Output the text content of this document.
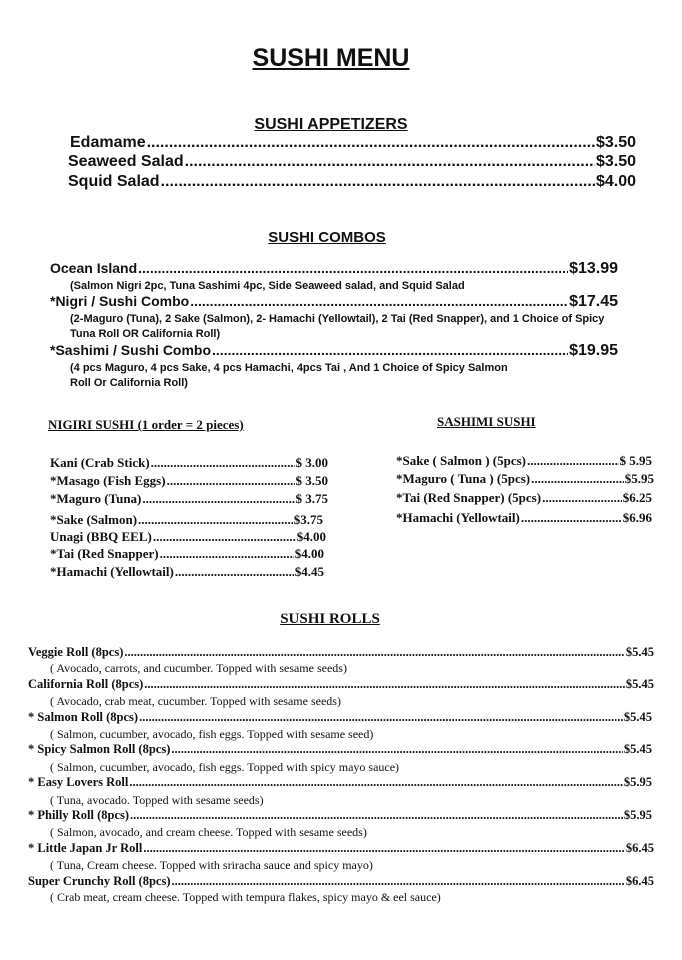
SUSHI MENU
SUSHI APPETIZERS
Edamame .....	$3.50
Seaweed Salad .....	$3.50
Squid Salad .....	$4.00
SUSHI COMBOS
Ocean Island .....	$13.99
(Salmon Nigri 2pc, Tuna Sashimi 4pc, Side Seaweed salad, and Squid Salad
*Nigri / Sushi Combo .....	$17.45
(2-Maguro (Tuna), 2 Sake (Salmon), 2- Hamachi (Yellowtail), 2 Tai (Red Snapper), and 1 Choice of Spicy Tuna Roll OR California Roll)
*Sashimi / Sushi Combo .....	$19.95
(4 pcs Maguro, 4 pcs Sake, 4 pcs Hamachi, 4pcs Tai , And 1 Choice of Spicy Salmon Roll Or California Roll)
NIGIRI SUSHI (1 order = 2 pieces)
Kani (Crab Stick) .....	$ 3.00
*Masago (Fish Eggs) .....	$ 3.50
*Maguro (Tuna) .....	$ 3.75
*Sake (Salmon) .....	$3.75
Unagi (BBQ EEL) .....	$4.00
*Tai (Red Snapper) .....	$4.00
*Hamachi (Yellowtail) .....	$4.45
SASHIMI SUSHI
*Sake ( Salmon ) (5pcs) .....	$ 5.95
*Maguro ( Tuna ) (5pcs) .....	$5.95
*Tai (Red Snapper) (5pcs) .....	$6.25
*Hamachi (Yellowtail) .....	$6.96
SUSHI ROLLS
Veggie Roll (8pcs) .....	$5.45
( Avocado, carrots, and cucumber. Topped with sesame seeds)
California Roll (8pcs) .....	$5.45
( Avocado, crab meat, cucumber. Topped with sesame seeds)
* Salmon Roll (8pcs) .....	$5.45
( Salmon, cucumber, avocado, fish eggs. Topped with sesame seed)
* Spicy Salmon Roll (8pcs) .....	$5.45
( Salmon, cucumber, avocado, fish eggs. Topped with spicy mayo sauce)
* Easy Lovers Roll .....	$5.95
( Tuna, avocado. Topped with sesame seeds)
* Philly Roll (8pcs) .....	$5.95
( Salmon, avocado, and cream cheese. Topped with sesame seeds)
* Little Japan Jr Roll .....	$6.45
( Tuna, Cream cheese. Topped with sriracha sauce and spicy mayo)
Super Crunchy Roll (8pcs) .....	$6.45
( Crab meat, cream cheese. Topped with tempura flakes, spicy mayo & eel sauce)
